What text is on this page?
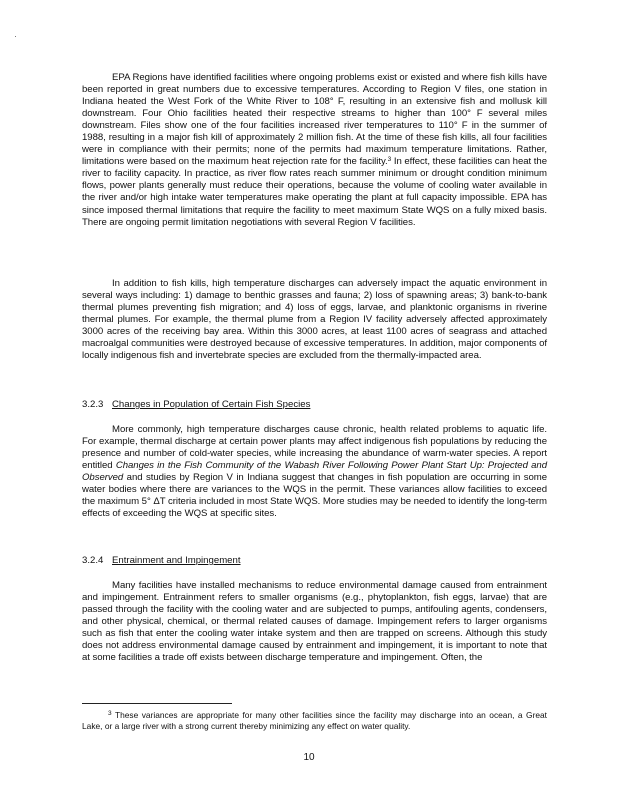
EPA Regions have identified facilities where ongoing problems exist or existed and where fish kills have been reported in great numbers due to excessive temperatures. According to Region V files, one station in Indiana heated the West Fork of the White River to 108° F, resulting in an extensive fish and mollusk kill downstream. Four Ohio facilities heated their respective streams to higher than 100° F several miles downstream. Files show one of the four facilities increased river temperatures to 110° F in the summer of 1988, resulting in a major fish kill of approximately 2 million fish. At the time of these fish kills, all four facilities were in compliance with their permits; none of the permits had maximum temperature limitations. Rather, limitations were based on the maximum heat rejection rate for the facility.$^3$ In effect, these facilities can heat the river to facility capacity. In practice, as river flow rates reach summer minimum or drought condition minimum flows, power plants generally must reduce their operations, because the volume of cooling water available in the river and/or high intake water temperatures make operating the plant at full capacity impossible. EPA has since imposed thermal limitations that require the facility to meet maximum State WQS on a fully mixed basis. There are ongoing permit limitation negotiations with several Region V facilities.

In addition to fish kills, high temperature discharges can adversely impact the aquatic environment in several ways including: 1) damage to benthic grasses and fauna; 2) loss of spawning areas; 3) bank-to-bank thermal plumes preventing fish migration; and 4) loss of eggs, larvae, and planktonic organisms in riverine thermal plumes. For example, the thermal plume from a Region IV facility adversely affected approximately 3000 acres of the receiving bay area. Within this 3000 acres, at least 1100 acres of seagrass and attached macroalgal communities were destroyed because of excessive temperatures. In addition, major components of locally indigenous fish and invertebrate species are excluded from the thermally-impacted area.

3.2.3 Changes in Population of Certain Fish Species

More commonly, high temperature discharges cause chronic, health related problems to aquatic life. For example, thermal discharge at certain power plants may affect indigenous fish populations by reducing the presence and number of cold-water species, while increasing the abundance of warm-water species. A report entitled Changes in the Fish Community of the Wabash River Following Power Plant Start Up: Projected and Observed and studies by Region V in Indiana suggest that changes in fish population are occurring in some water bodies where there are variances to the WQS in the permit. These variances allow facilities to exceed the maximum 5° ΔT criteria included in most State WQS. More studies may be needed to identify the long-term effects of exceeding the WQS at specific sites.

3.2.4 Entrainment and Impingement

Many facilities have installed mechanisms to reduce environmental damage caused from entrainment and impingement. Entrainment refers to smaller organisms (e.g., phytoplankton, fish eggs, larvae) that are passed through the facility with the cooling water and are subjected to pumps, antifouling agents, condensers, and other physical, chemical, or thermal related causes of damage. Impingement refers to larger organisms such as fish that enter the cooling water intake system and then are trapped on screens. Although this study does not address environmental damage caused by entrainment and impingement, it is important to note that at some facilities a trade off exists between discharge temperature and impingement. Often, the

$^3$ These variances are appropriate for many other facilities since the facility may discharge into an ocean, a Great Lake, or a large river with a strong current thereby minimizing any effect on water quality.

10
